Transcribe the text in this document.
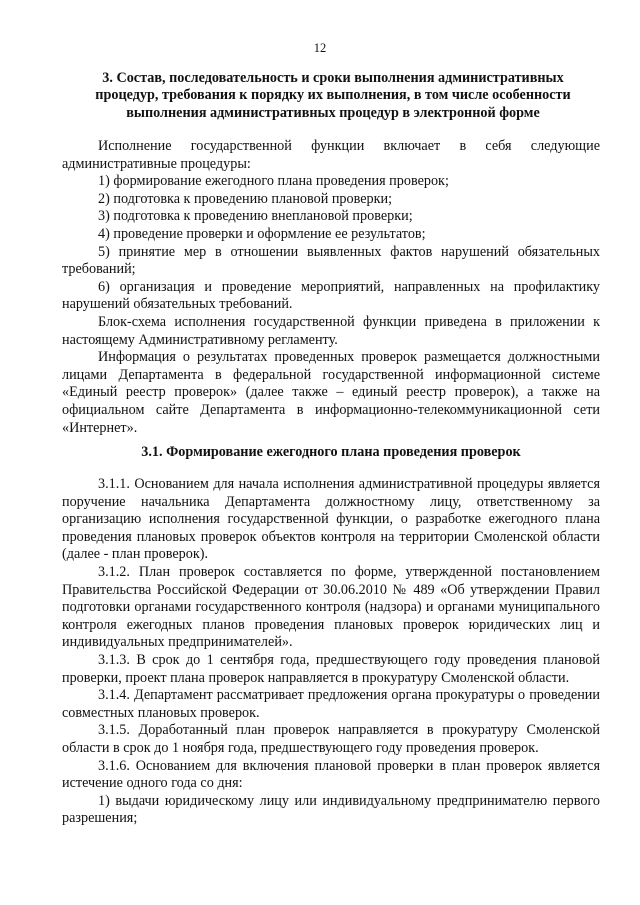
12
3. Состав, последовательность и сроки выполнения административных процедур, требования к порядку их выполнения, в том числе особенности выполнения административных процедур в электронной форме

Исполнение государственной функции включает в себя следующие административные процедуры:

1) формирование ежегодного плана проведения проверок;

2) подготовка к проведению плановой проверки;

3) подготовка к проведению внеплановой проверки;

4) проведение проверки и оформление ее результатов;

5) принятие мер в отношении выявленных фактов нарушений обязательных требований;

6) организация и проведение мероприятий, направленных на профилактику нарушений обязательных требований.

Блок-схема исполнения государственной функции приведена в приложении к настоящему Административному регламенту.

Информация о результатах проведенных проверок размещается должностными лицами Департамента в федеральной государственной информационной системе «Единый реестр проверок» (далее также – единый реестр проверок), а также на официальном сайте Департамента в информационно-телекоммуникационной сети «Интернет».

3.1. Формирование ежегодного плана проведения проверок

3.1.1. Основанием для начала исполнения административной процедуры является поручение начальника Департамента должностному лицу, ответственному за организацию исполнения государственной функции, о разработке ежегодного плана проведения плановых проверок объектов контроля на территории Смоленской области (далее - план проверок).

3.1.2. План проверок составляется по форме, утвержденной постановлением Правительства Российской Федерации от 30.06.2010 № 489 «Об утверждении Правил подготовки органами государственного контроля (надзора) и органами муниципального контроля ежегодных планов проведения плановых проверок юридических лиц и индивидуальных предпринимателей».

3.1.3. В срок до 1 сентября года, предшествующего году проведения плановой проверки, проект плана проверок направляется в прокуратуру Смоленской области.

3.1.4. Департамент рассматривает предложения органа прокуратуры о проведении совместных плановых проверок.

3.1.5. Доработанный план проверок направляется в прокуратуру Смоленской области в срок до 1 ноября года, предшествующего году проведения проверок.

3.1.6. Основанием для включения плановой проверки в план проверок является истечение одного года со дня:

1) выдачи юридическому лицу или индивидуальному предпринимателю первого разрешения;
